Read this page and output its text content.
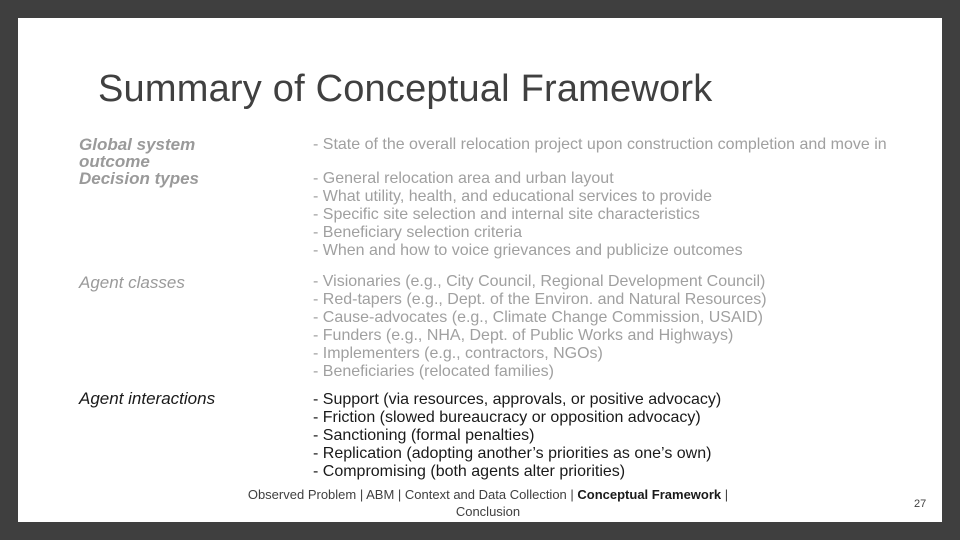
Summary of Conceptual Framework
Global system outcome
Decision types
Agent classes
Agent interactions
- State of the overall relocation project upon construction completion and move in
- General relocation area and urban layout
- What utility, health, and educational services to provide
- Specific site selection and internal site characteristics
- Beneficiary selection criteria
- When and how to voice grievances and publicize outcomes
- Visionaries (e.g., City Council, Regional Development Council)
- Red-tapers (e.g., Dept. of the Environ. and Natural Resources)
- Cause-advocates (e.g., Climate Change Commission, USAID)
- Funders (e.g., NHA, Dept. of Public Works and Highways)
- Implementers (e.g., contractors, NGOs)
- Beneficiaries (relocated families)
- Support (via resources, approvals, or positive advocacy)
- Friction (slowed bureaucracy or opposition advocacy)
- Sanctioning (formal penalties)
- Replication (adopting another’s priorities as one’s own)
- Compromising (both agents alter priorities)
Observed Problem | ABM | Context and Data Collection | Conceptual Framework |
Conclusion	27
